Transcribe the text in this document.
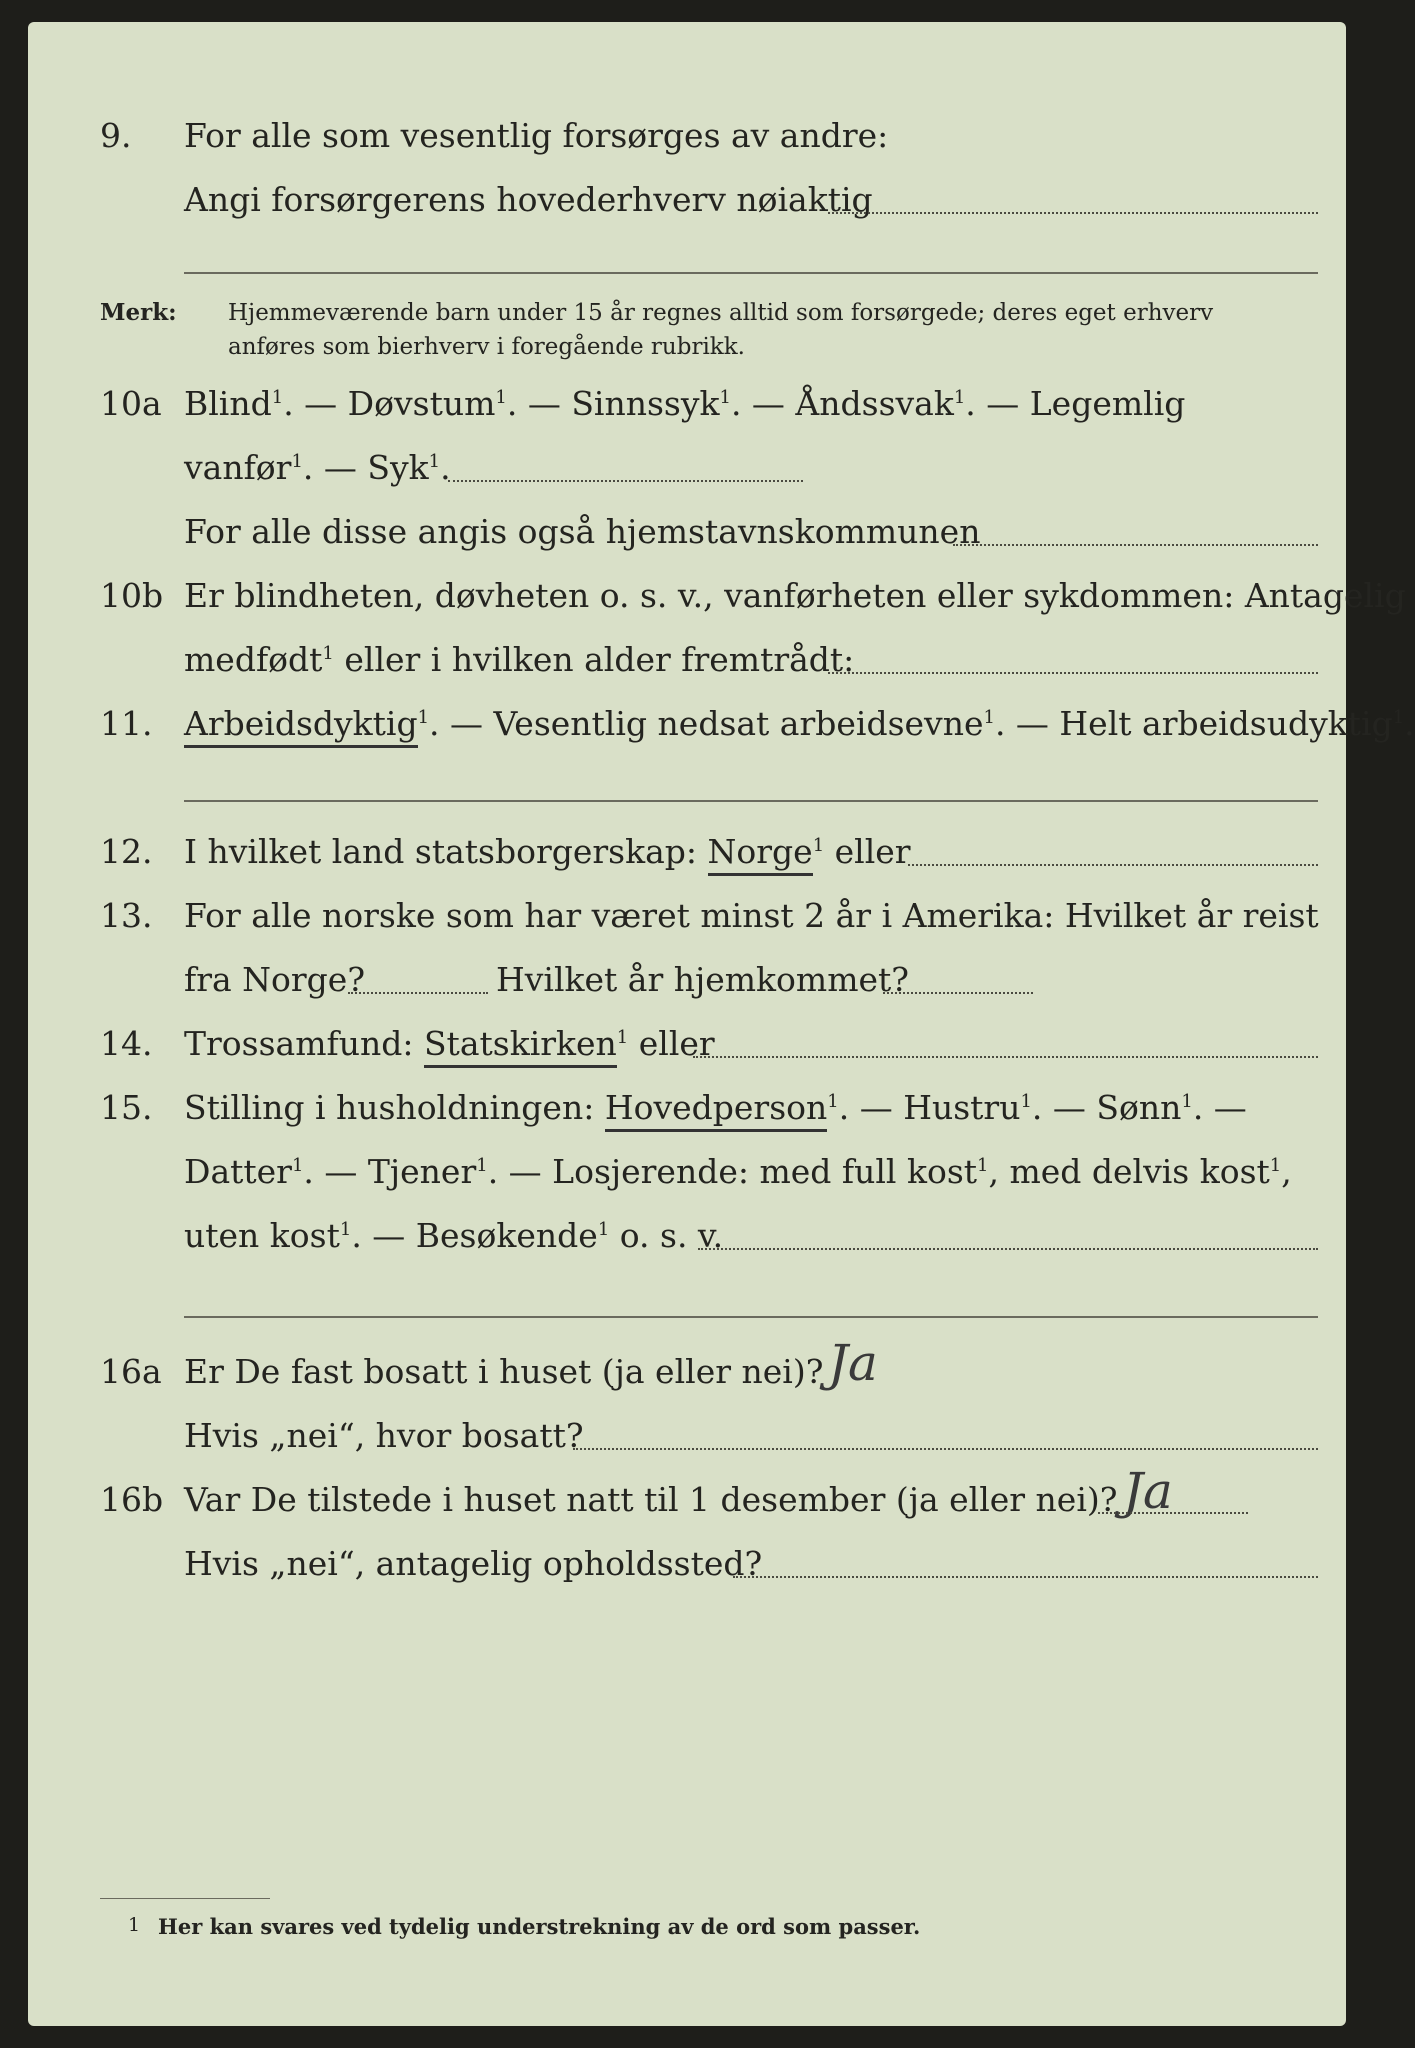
9. For alle som vesentlig forsørges av andre:
Angi forsørgerens hovederhverv nøiaktig
Merk: Hjemmeværende barn under 15 år regnes alltid som forsørgede; deres eget erhverv
anføres som bierhverv i foregående rubrikk.
10a Blind$^1$. — Døvstum$^1$. — Sinnssyk$^1$. — Åndssvak$^1$. — Legemlig
vanfør$^1$. — Syk$^1$.
For alle disse angis også hjemstavnskommunen
10b Er blindheten, døvheten o. s. v., vanførheten eller sykdommen: Antagelig
medfødt$^1$ eller i hvilken alder fremtrådt:
11. Arbeidsdyktig$^1$. — Vesentlig nedsat arbeidsevne$^1$. — Helt arbeidsudyktig$^1$.
12. I hvilket land statsborgerskap: Norge$^1$ eller
13. For alle norske som har været minst 2 år i Amerika: Hvilket år reist
fra Norge?	Hvilket år hjemkommet?
14. Trossamfund: Statskirken$^1$ eller
15. Stilling i husholdningen: Hovedperson$^1$. — Hustru$^1$. — Sønn$^1$. —
Datter$^1$. — Tjener$^1$. — Losjerende: med full kost$^1$, med delvis kost$^1$,
uten kost$^1$. — Besøkende$^1$ o. s. v.
16a Er De fast bosatt i huset (ja eller nei)? Ja
Hvis „nei“, hvor bosatt?
16b Var De tilstede i huset natt til 1 desember (ja eller nei)? Ja
Hvis „nei“, antagelig opholdssted?
1 Her kan svares ved tydelig understrekning av de ord som passer.
